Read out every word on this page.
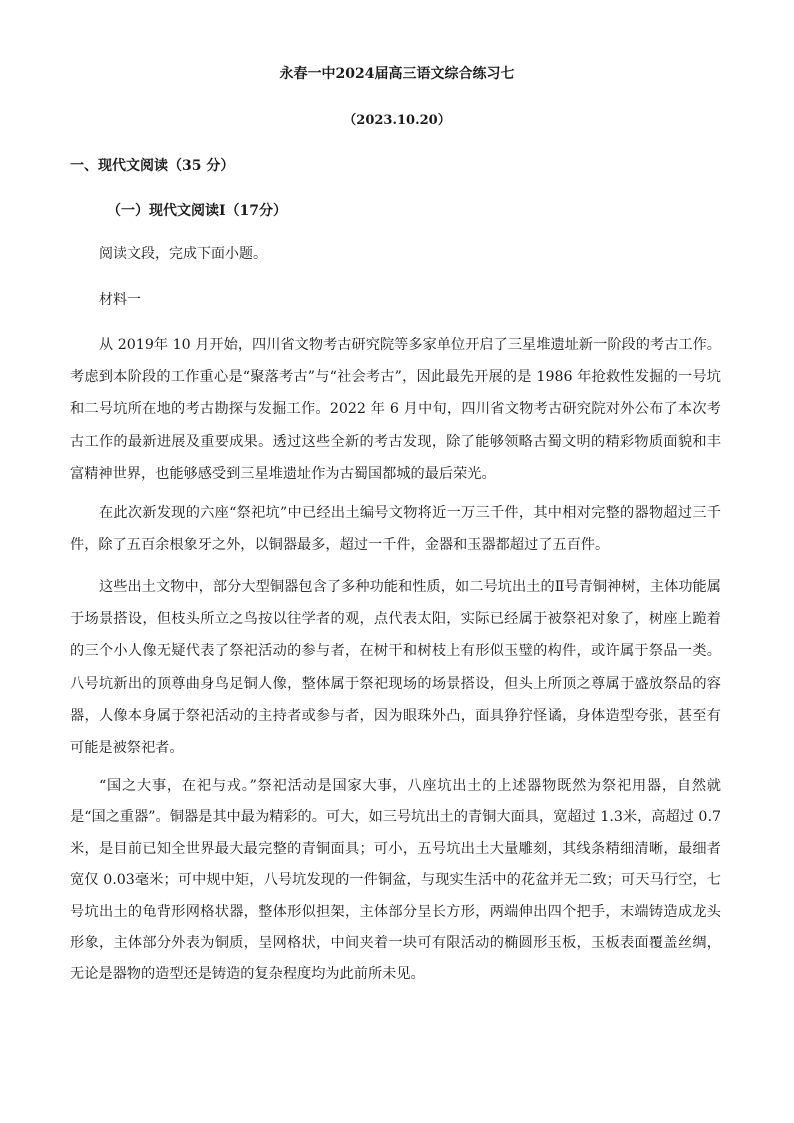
永春一中2024届高三语文综合练习七
（2023.10.20）
一、现代文阅读（35 分）
（一）现代文阅读Ⅰ（17分）
阅读文段，完成下面小题。
材料一

从 2019年 10 月开始，四川省文物考古研究院等多家单位开启了三星堆遗址新一阶段的考古工作。考虑到本阶段的工作重心是“聚落考古”与“社会考古”，因此最先开展的是 1986 年抢救性发掘的一号坑和二号坑所在地的考古勘探与发掘工作。2022 年 6 月中旬，四川省文物考古研究院对外公布了本次考古工作的最新进展及重要成果。透过这些全新的考古发现，除了能够领略古蜀文明的精彩物质面貌和丰富精神世界，也能够感受到三星堆遗址作为古蜀国都城的最后荣光。

在此次新发现的六座“祭祀坑”中已经出土编号文物将近一万三千件，其中相对完整的器物超过三千件，除了五百余根象牙之外，以铜器最多，超过一千件，金器和玉器都超过了五百件。

这些出土文物中，部分大型铜器包含了多种功能和性质，如二号坑出土的Ⅱ号青铜神树，主体功能属于场景搭设，但枝头所立之鸟按以往学者的观，点代表太阳，实际已经属于被祭祀对象了，树座上跪着的三个小人像无疑代表了祭祀活动的参与者，在树干和树枝上有形似玉璧的构件，或许属于祭品一类。八号坑新出的顶尊曲身鸟足铜人像，整体属于祭祀现场的场景搭设，但头上所顶之尊属于盛放祭品的容器，人像本身属于祭祀活动的主持者或参与者，因为眼珠外凸，面具狰狞怪谲，身体造型夸张，甚至有可能是被祭祀者。

“国之大事，在祀与戎。”祭祀活动是国家大事，八座坑出土的上述器物既然为祭祀用器，自然就是“国之重器”。铜器是其中最为精彩的。可大，如三号坑出土的青铜大面具，宽超过 1.3米，高超过 0.7米，是目前已知全世界最大最完整的青铜面具；可小，五号坑出土大量雕刻，其线条精细清晰，最细者宽仅 0.03毫米；可中规中矩，八号坑发现的一件铜盆，与现实生活中的花盆并无二致；可天马行空，七号坑出土的龟背形网格状器，整体形似担架，主体部分呈长方形，两端伸出四个把手，末端铸造成龙头形象，主体部分外表为铜质，呈网格状，中间夹着一块可有限活动的椭圆形玉板，玉板表面覆盖丝绸，无论是器物的造型还是铸造的复杂程度均为此前所未见。
